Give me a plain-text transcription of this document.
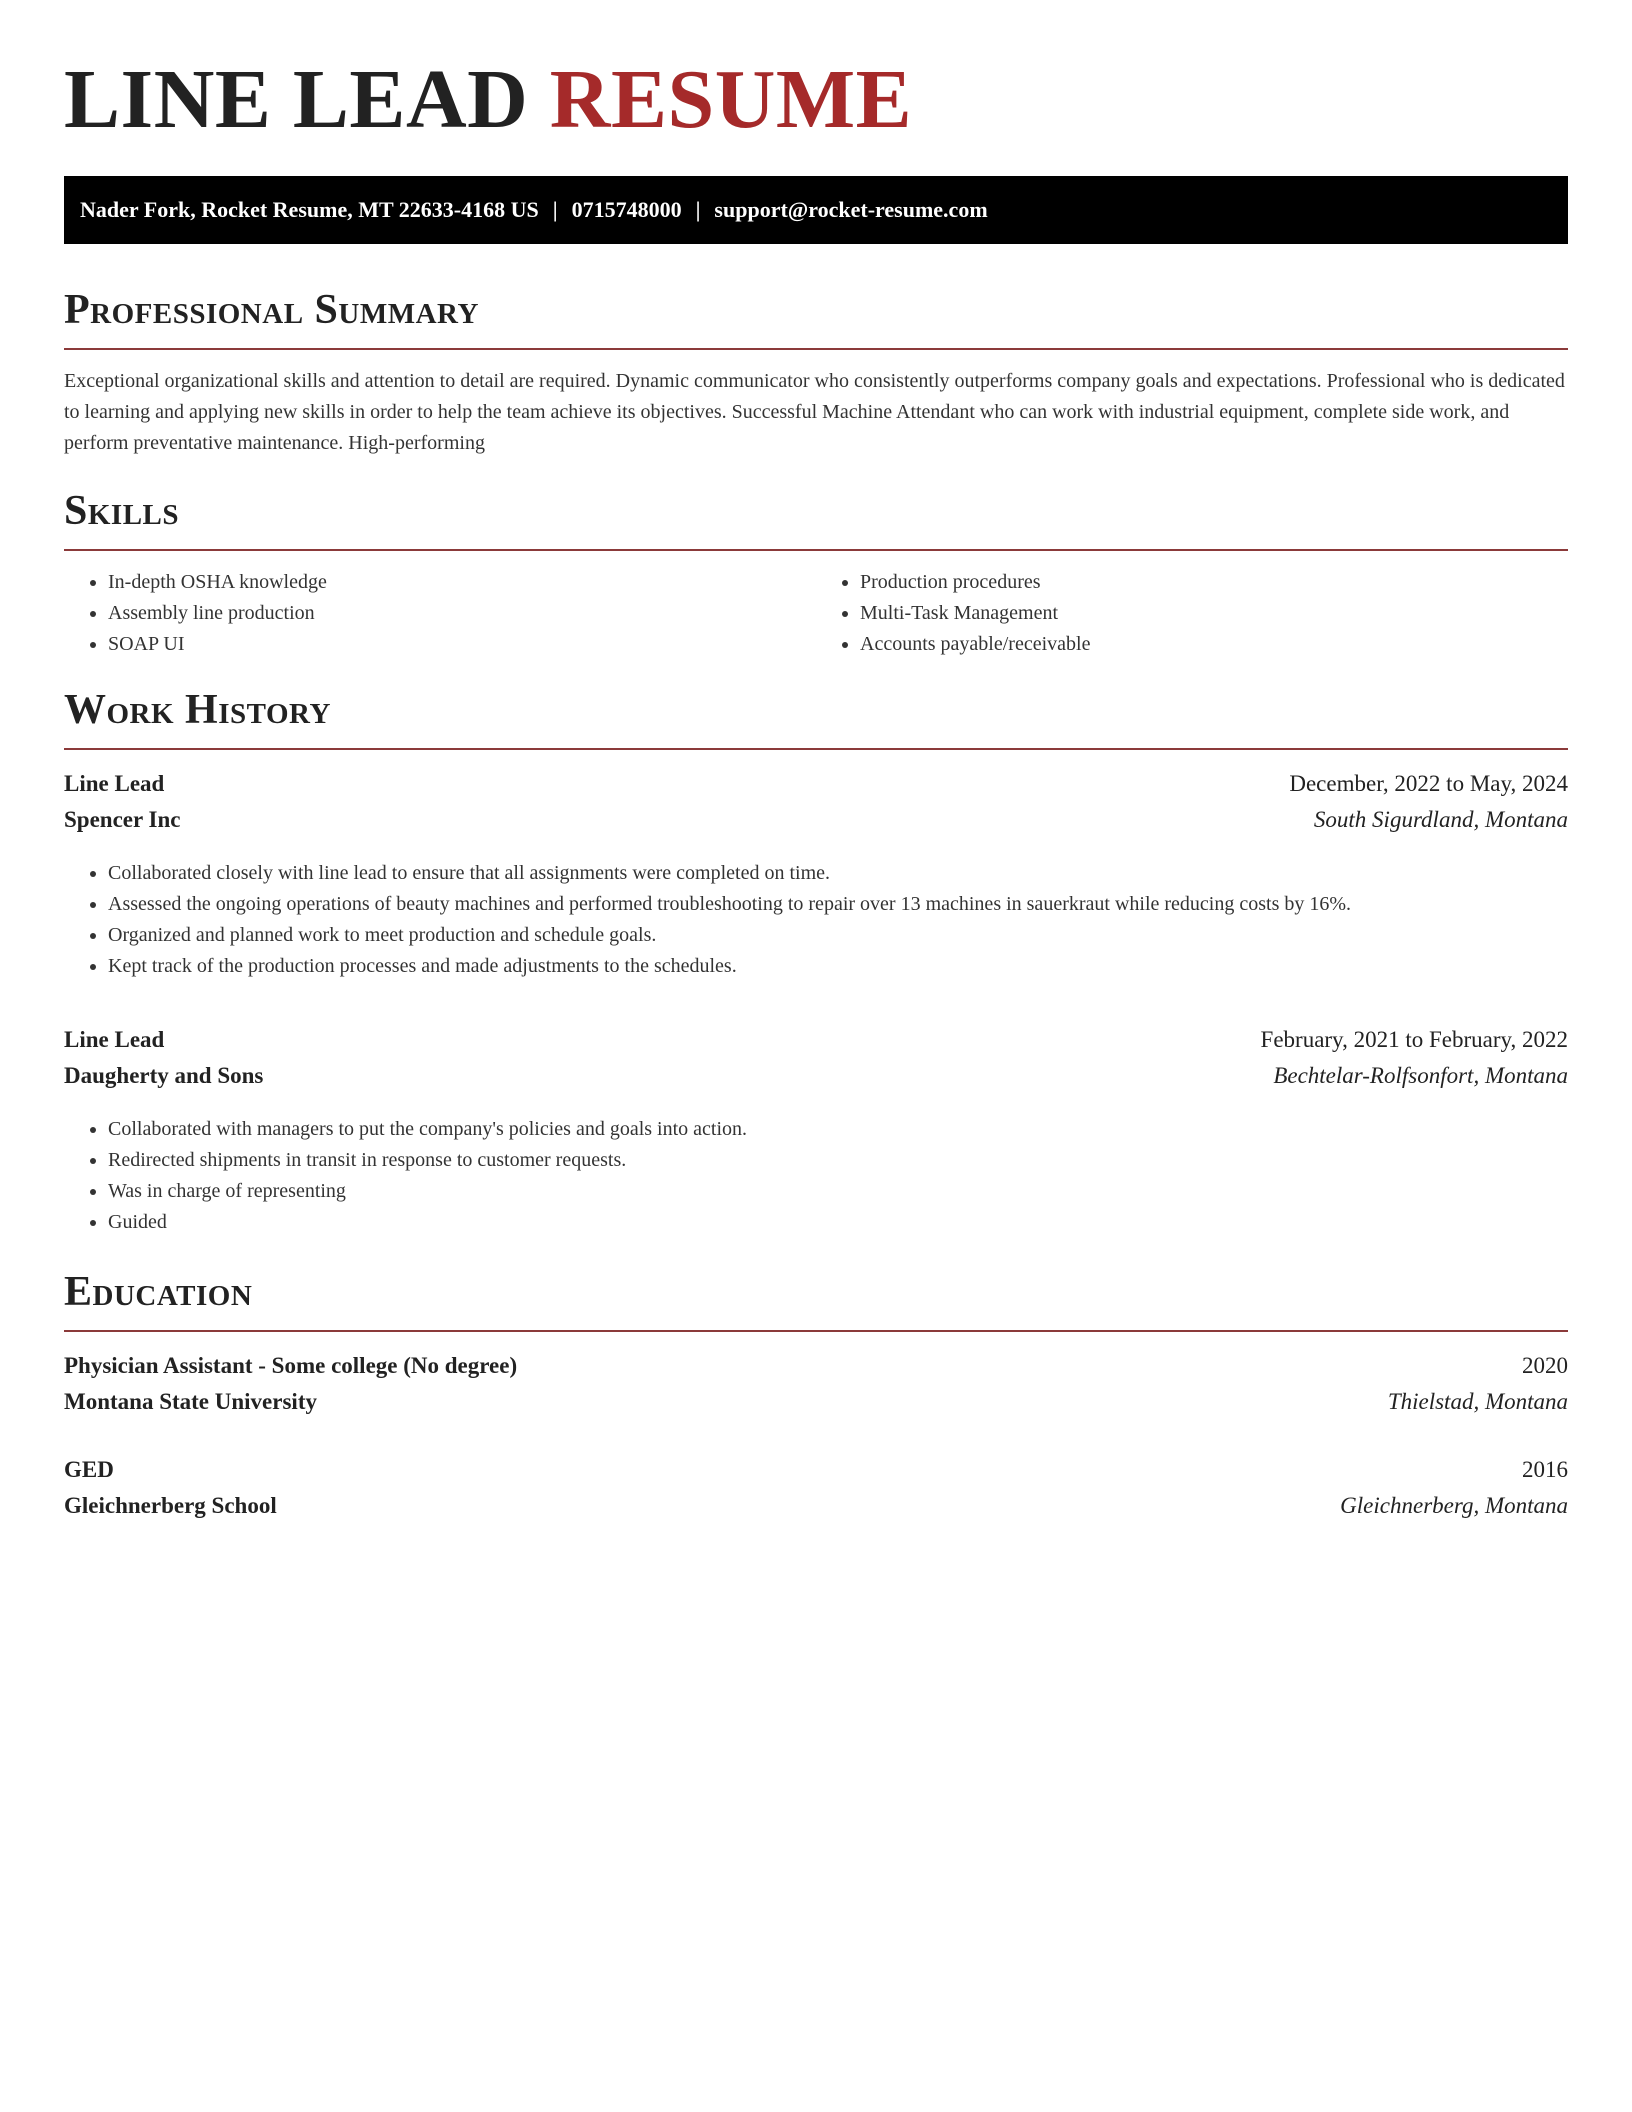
LINE LEAD RESUME
Nader Fork, Rocket Resume, MT 22633-4168 US | 0715748000 | support@rocket-resume.com
Professional Summary

Exceptional organizational skills and attention to detail are required. Dynamic communicator who consistently outperforms company goals and expectations. Professional who is dedicated to learning and applying new skills in order to help the team achieve its objectives. Successful Machine Attendant who can work with industrial equipment, complete side work, and perform preventative maintenance. High-performing

Skills
• In-depth OSHA knowledge
• Assembly line production
• SOAP UI
• Production procedures
• Multi-Task Management
• Accounts payable/receivable
Work History
Line Lead	December, 2022 to May, 2024
Spencer Inc	South Sigurdland, Montana
• Collaborated closely with line lead to ensure that all assignments were completed on time.
• Assessed the ongoing operations of beauty machines and performed troubleshooting to repair over 13 machines in sauerkraut while reducing costs by 16%.
• Organized and planned work to meet production and schedule goals.
• Kept track of the production processes and made adjustments to the schedules.
Line Lead	February, 2021 to February, 2022
Daugherty and Sons	Bechtelar-Rolfsonfort, Montana
• Collaborated with managers to put the company's policies and goals into action.
• Redirected shipments in transit in response to customer requests.
• Was in charge of representing
• Guided
Education
Physician Assistant - Some college (No degree)	2020
Montana State University	Thielstad, Montana
GED	2016
Gleichnerberg School	Gleichnerberg, Montana
